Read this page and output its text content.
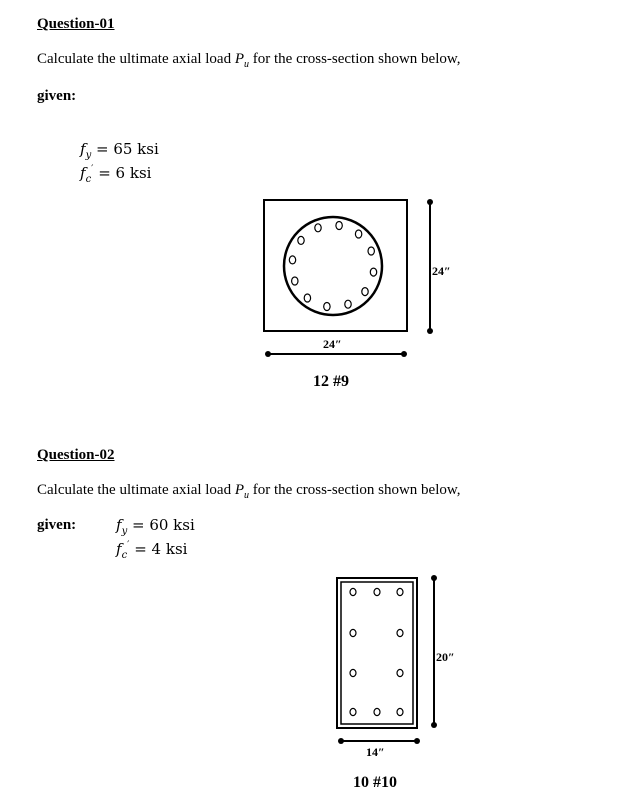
Question-01
Calculate the ultimate axial load $P_u$ for the cross-section shown below,
given:
$f_y = 65$ ksi
$f_c' = 6$ ksi
24″
24″
12 #9
Question-02
Calculate the ultimate axial load $P_u$ for the cross-section shown below,
given:	$f_y = 60$ ksi
$f_c' = 4$ ksi
20″
14″
10 #10
